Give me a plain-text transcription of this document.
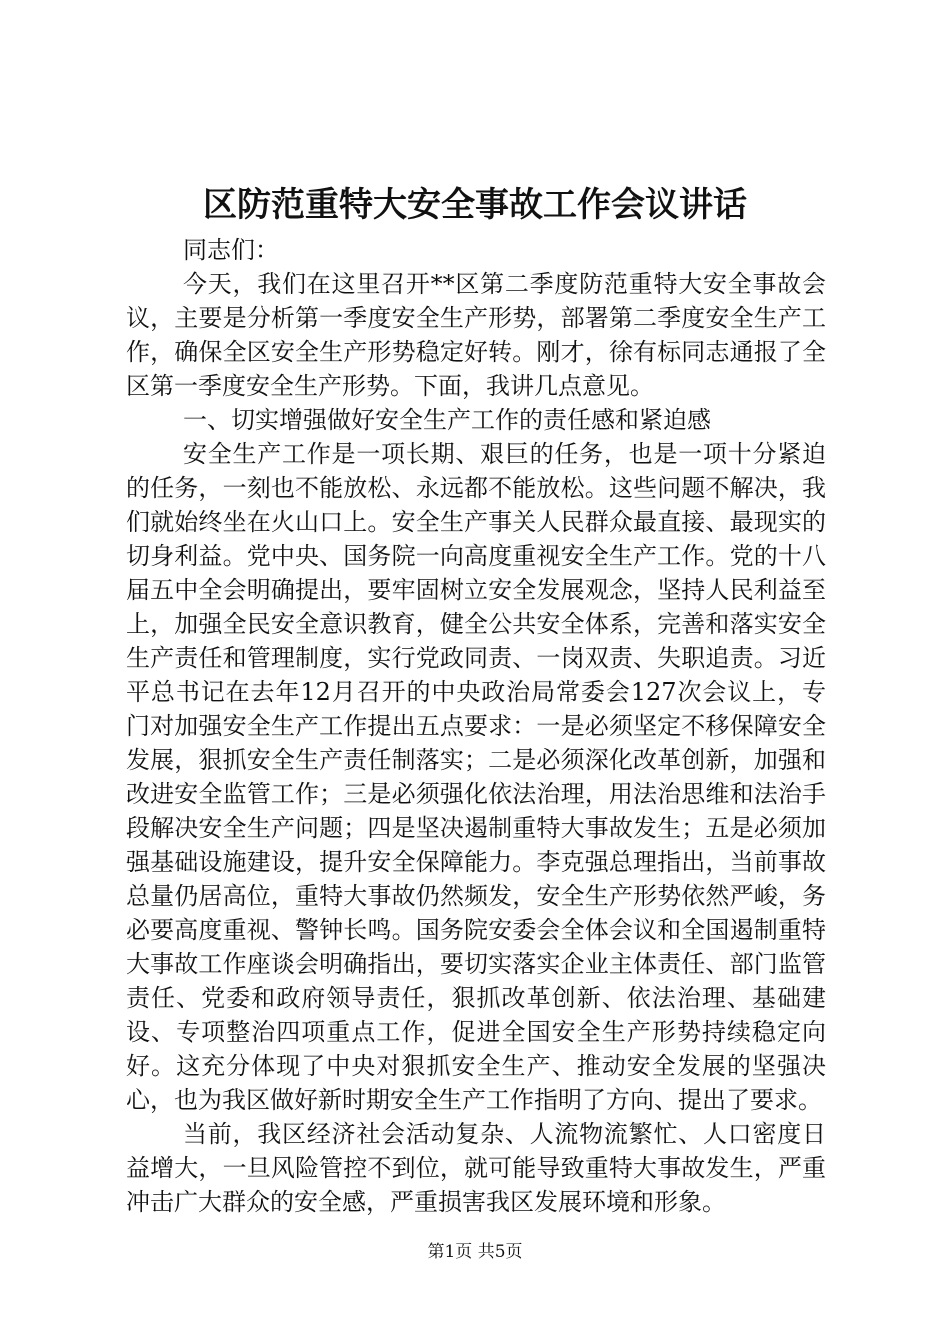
区防范重特大安全事故工作会议讲话

同志们：

今天，我们在这里召开**区第二季度防范重特大安全事故会议，主要是分析第一季度安全生产形势，部署第二季度安全生产工作，确保全区安全生产形势稳定好转。刚才，徐有标同志通报了全区第一季度安全生产形势。下面，我讲几点意见。

一、切实增强做好安全生产工作的责任感和紧迫感

安全生产工作是一项长期、艰巨的任务，也是一项十分紧迫的任务，一刻也不能放松、永远都不能放松。这些问题不解决，我们就始终坐在火山口上。安全生产事关人民群众最直接、最现实的切身利益。党中央、国务院一向高度重视安全生产工作。党的十八届五中全会明确提出，要牢固树立安全发展观念，坚持人民利益至上，加强全民安全意识教育，健全公共安全体系，完善和落实安全生产责任和管理制度，实行党政同责、一岗双责、失职追责。习近平总书记在去年12月召开的中央政治局常委会127次会议上，专门对加强安全生产工作提出五点要求：一是必须坚定不移保障安全发展，狠抓安全生产责任制落实；二是必须深化改革创新，加强和改进安全监管工作；三是必须强化依法治理，用法治思维和法治手段解决安全生产问题；四是坚决遏制重特大事故发生；五是必须加强基础设施建设，提升安全保障能力。李克强总理指出，当前事故总量仍居高位，重特大事故仍然频发，安全生产形势依然严峻，务必要高度重视、警钟长鸣。国务院安委会全体会议和全国遏制重特大事故工作座谈会明确指出，要切实落实企业主体责任、部门监管责任、党委和政府领导责任，狠抓改革创新、依法治理、基础建设、专项整治四项重点工作，促进全国安全生产形势持续稳定向好。这充分体现了中央对狠抓安全生产、推动安全发展的坚强决心，也为我区做好新时期安全生产工作指明了方向、提出了要求。

当前，我区经济社会活动复杂、人流物流繁忙、人口密度日益增大，一旦风险管控不到位，就可能导致重特大事故发生，严重冲击广大群众的安全感，严重损害我区发展环境和形象。

第1页 共5页
